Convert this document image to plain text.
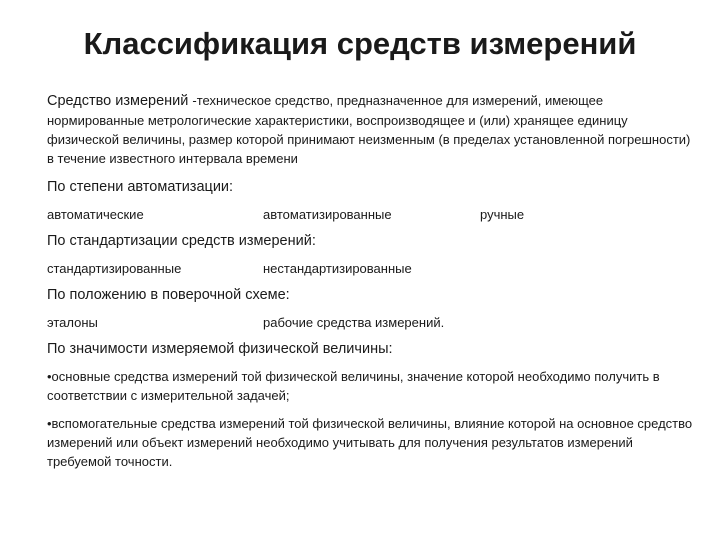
Классификация средств измерений

Средство измерений -техническое средство, предназначенное для измерений, имеющее нормированные метрологические характеристики, воспроизводящее и (или) хранящее единицу физической величины, размер которой принимают неизменным (в пределах установленной погрешности) в течение известного интервала времени

По степени автоматизации:
автоматические	автоматизированные	ручные
По стандартизации средств измерений:
стандартизированные	нестандартизированные
По положению в поверочной схеме:
эталоны	рабочие средства измерений.
По значимости измеряемой физической величины:

•основные средства измерений той физической величины, значение которой необходимо получить в соответствии с измерительной задачей;

•вспомогательные средства измерений той физической величины, влияние которой на основное средство измерений или объект измерений необходимо учитывать для получения результатов измерений требуемой точности.
